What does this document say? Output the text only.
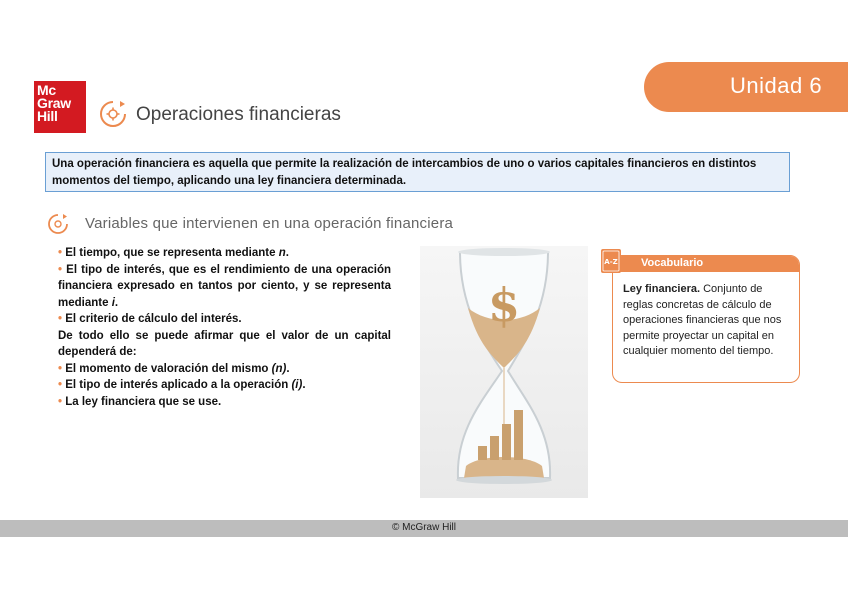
Unidad 6
Mc
Graw
Hill	Operaciones financieras
Una operación financiera es aquella que permite la realización de intercambios de uno o varios capitales financieros en distintos momentos del tiempo, aplicando una ley financiera determinada.
Variables que intervienen en una operación financiera

• El tiempo, que se representa mediante n.

• El tipo de interés, que es el rendimiento de una operación financiera expresado en tantos por ciento, y se representa mediante i.

• El criterio de cálculo del interés.

De todo ello se puede afirmar que el valor de un capital dependerá de:

• El momento de valoración del mismo (n).

• El tipo de interés aplicado a la operación (i).

• La ley financiera que se use.

$
Vocabulario
Ley financiera. Conjunto de reglas concretas de cálculo de operaciones financieras que nos permite proyectar un capital en cualquier momento del tiempo.
A-Z
© McGraw Hill
